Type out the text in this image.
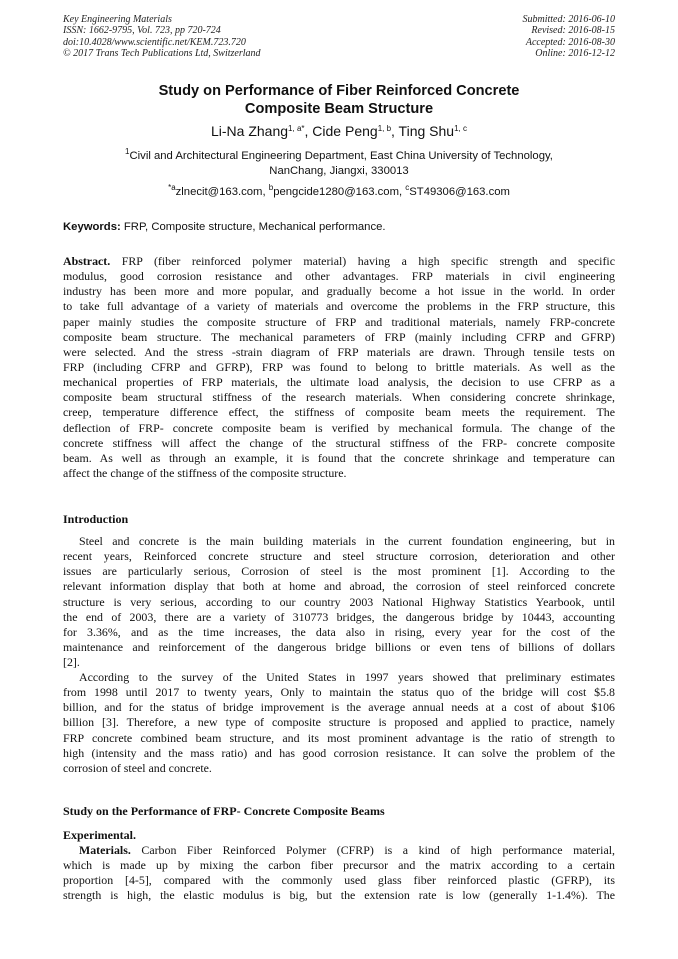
Key Engineering Materials
ISSN: 1662-9795, Vol. 723, pp 720-724
doi:10.4028/www.scientific.net/KEM.723.720
© 2017 Trans Tech Publications Ltd, Switzerland
Submitted: 2016-06-10
Revised: 2016-08-15
Accepted: 2016-08-30
Online: 2016-12-12
Study on Performance of Fiber Reinforced Concrete
Composite Beam Structure
Li-Na Zhang$^{1, a*}$, Cide Peng$^{1, b}$, Ting Shu$^{1, c}$
$^1$Civil and Architectural Engineering Department, East China University of Technology,
NanChang, Jiangxi, 330013
$^{*a}$zlnecit@163.com, $^b$pengcide1280@163.com, $^c$ST49306@163.com
Keywords: FRP, Composite structure, Mechanical performance.
Abstract. FRP (fiber reinforced polymer material) having a high specific strength and specific
modulus, good corrosion resistance and other advantages. FRP materials in civil engineering
industry has been more and more popular, and gradually become a hot issue in the world. In order
to take full advantage of a variety of materials and overcome the problems in the FRP structure, this
paper mainly studies the composite structure of FRP and traditional materials, namely FRP-concrete
composite beam structure. The mechanical parameters of FRP (mainly including CFRP and GFRP)
were selected. And the stress -strain diagram of FRP materials are drawn. Through tensile tests on
FRP (including CFRP and GFRP), FRP was found to belong to brittle materials. As well as the
mechanical properties of FRP materials, the ultimate load analysis, the decision to use CFRP as a
composite beam structural stiffness of the research materials. When considering concrete shrinkage,
creep, temperature difference effect, the stiffness of composite beam meets the requirement. The
deflection of FRP- concrete composite beam is verified by mechanical formula. The change of the
concrete stiffness will affect the change of the structural stiffness of the FRP- concrete composite
beam. As well as through an example, it is found that the concrete shrinkage and temperature can
affect the change of the stiffness of the composite structure.
Introduction
Steel and concrete is the main building materials in the current foundation engineering, but in
recent years, Reinforced concrete structure and steel structure corrosion, deterioration and other
issues are particularly serious, Corrosion of steel is the most prominent [1]. According to the
relevant information display that both at home and abroad, the corrosion of steel reinforced concrete
structure is very serious, according to our country 2003 National Highway Statistics Yearbook, until
the end of 2003, there are a variety of 310773 bridges, the dangerous bridge by 10443, accounting
for 3.36%, and as the time increases, the data also in rising, every year for the cost of the
maintenance and reinforcement of the dangerous bridge billions or even tens of billions of dollars
[2].
According to the survey of the United States in 1997 years showed that preliminary estimates
from 1998 until 2017 to twenty years, Only to maintain the status quo of the bridge will cost $5.8
billion, and for the status of bridge improvement is the average annual needs at a cost of about $106
billion [3]. Therefore, a new type of composite structure is proposed and applied to practice, namely
FRP concrete combined beam structure, and its most prominent advantage is the ratio of strength to
high (intensity and the mass ratio) and has good corrosion resistance. It can solve the problem of the
corrosion of steel and concrete.
Study on the Performance of FRP- Concrete Composite Beams
Experimental.
Materials. Carbon Fiber Reinforced Polymer (CFRP) is a kind of high performance material,
which is made up by mixing the carbon fiber precursor and the matrix according to a certain
proportion [4-5], compared with the commonly used glass fiber reinforced plastic (GFRP), its
strength is high, the elastic modulus is big, but the extension rate is low (generally 1-1.4%). The
